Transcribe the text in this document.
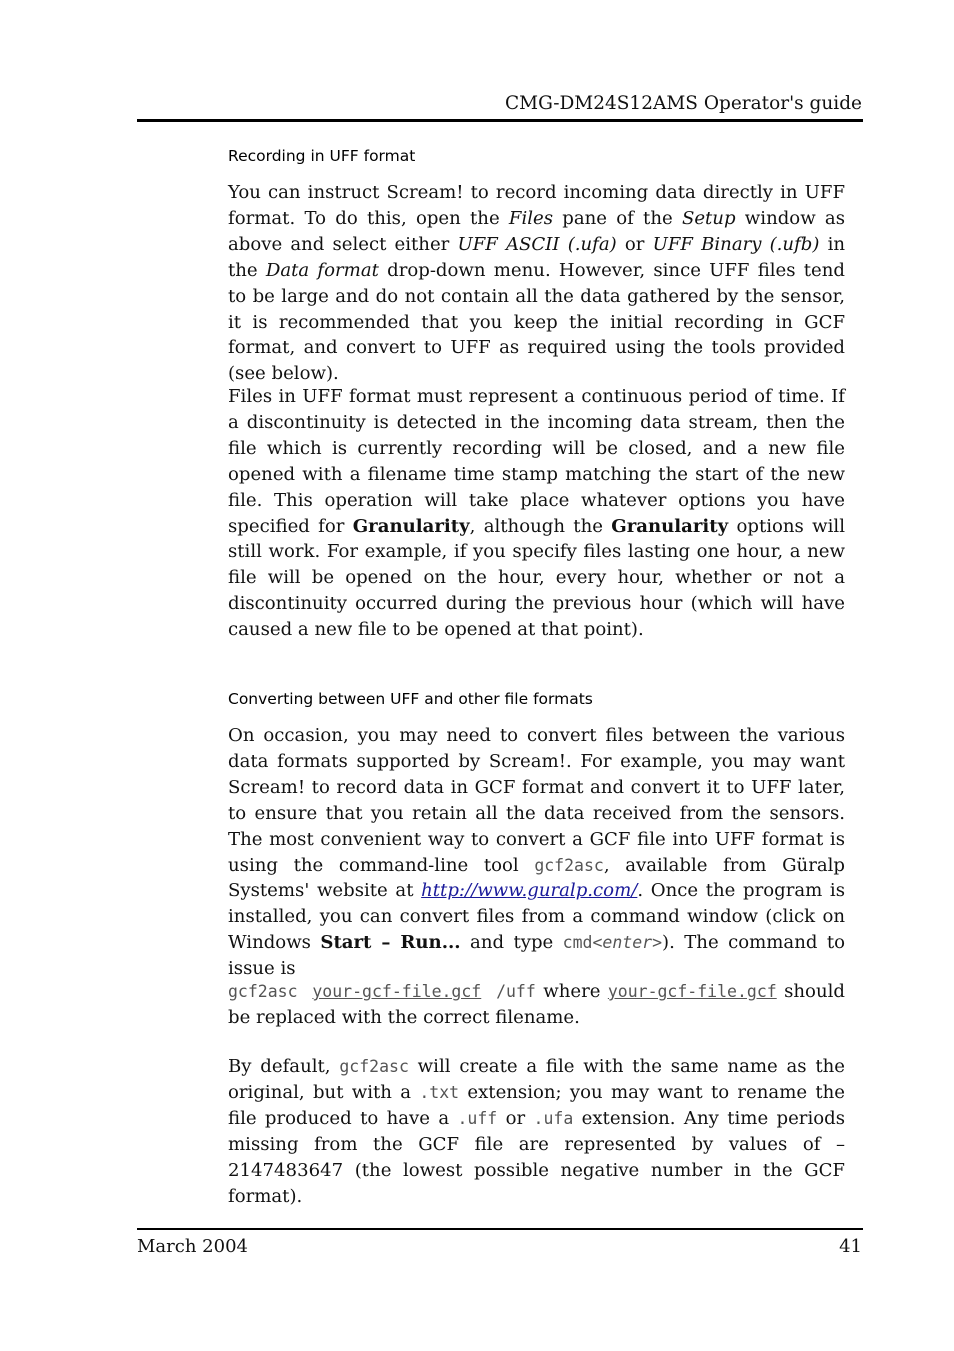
CMG-DM24S12AMS Operator's guide
Recording in UFF format

You can instruct Scream! to record incoming data directly in UFF format. To do this, open the Files pane of the Setup window as above and select either UFF ASCII (.ufa) or UFF Binary (.ufb) in the Data format drop-down menu. However, since UFF files tend to be large and do not contain all the data gathered by the sensor, it is recommended that you keep the initial recording in GCF format, and convert to UFF as required using the tools provided (see below).

Files in UFF format must represent a continuous period of time. If a discontinuity is detected in the incoming data stream, then the file which is currently recording will be closed, and a new file opened with a filename time stamp matching the start of the new file. This operation will take place whatever options you have specified for Granularity, although the Granularity options will still work. For example, if you specify files lasting one hour, a new file will be opened on the hour, every hour, whether or not a discontinuity occurred during the previous hour (which will have caused a new file to be opened at that point).

Converting between UFF and other file formats

On occasion, you may need to convert files between the various data formats supported by Scream!. For example, you may want Scream! to record data in GCF format and convert it to UFF later, to ensure that you retain all the data received from the sensors. The most convenient way to convert a GCF file into UFF format is using the command-line tool gcf2asc, available from Güralp Systems' website at http://www.guralp.com/. Once the program is installed, you can convert files from a command window (click on Windows Start – Run... and type cmd<enter>). The command to issue is

gcf2asc your-gcf-file.gcf /uff where your-gcf-file.gcf should be replaced with the correct filename.

By default, gcf2asc will create a file with the same name as the original, but with a .txt extension; you may want to rename the file produced to have a .uff or .ufa extension. Any time periods missing from the GCF file are represented by values of –2147483647 (the lowest possible negative number in the GCF format).

March 2004	41
